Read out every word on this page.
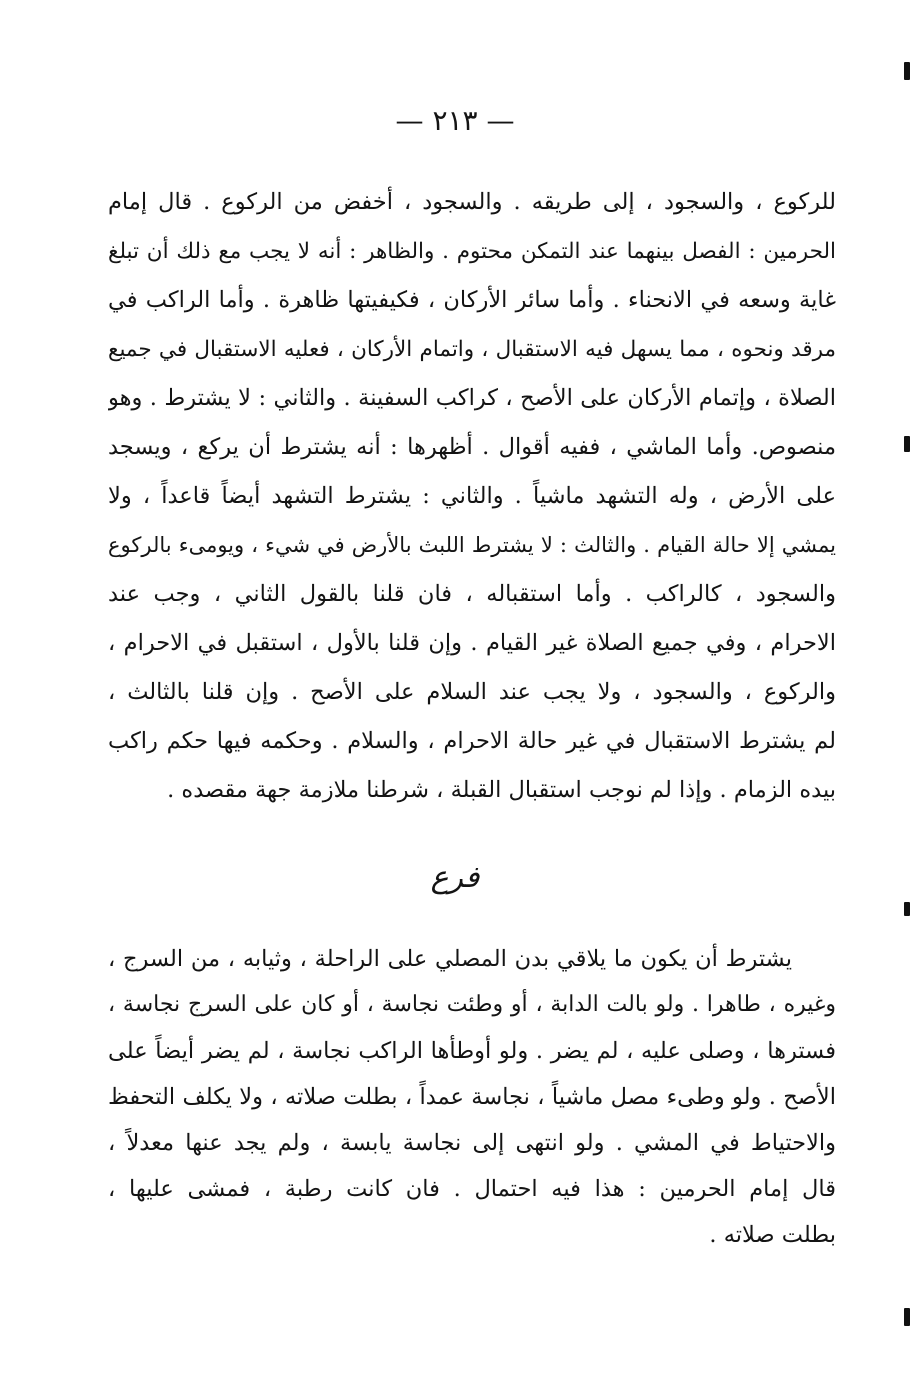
— ٢١٣ —
للركوع ، والسجود ، إلى طريقه . والسجود ، أخفض من الركوع . قال إمام
الحرمين : الفصل بينهما عند التمكن محتوم . والظاهر : أنه لا يجب مع ذلك أن تبلغ
غاية وسعه في الانحناء . وأما سائر الأركان ، فكيفيتها ظاهرة . وأما الراكب في
مرقد ونحوه ، مما يسهل فيه الاستقبال ، واتمام الأركان ، فعليه الاستقبال في جميع
الصلاة ، وإتمام الأركان على الأصح ، كراكب السفينة . والثاني : لا يشترط . وهو
منصوص. وأما الماشي ، ففيه أقوال . أظهرها : أنه يشترط أن يركع ، ويسجد
على الأرض ، وله التشهد ماشياً . والثاني : يشترط التشهد أيضاً قاعداً ، ولا
يمشي إلا حالة القيام . والثالث : لا يشترط اللبث بالأرض في شيء ، ويومىء بالركوع
والسجود ، كالراكب . وأما استقباله ، فان قلنا بالقول الثاني ، وجب عند
الاحرام ، وفي جميع الصلاة غير القيام . وإن قلنا بالأول ، استقبل في الاحرام ،
والركوع ، والسجود ، ولا يجب عند السلام على الأصح . وإن قلنا بالثالث ،
لم يشترط الاستقبال في غير حالة الاحرام ، والسلام . وحكمه فيها حكم راكب
بيده الزمام . وإذا لم نوجب استقبال القبلة ، شرطنا ملازمة جهة مقصده .
فرع
يشترط أن يكون ما يلاقي بدن المصلي على الراحلة ، وثيابه ، من السرج ،
وغيره ، طاهرا . ولو بالت الدابة ، أو وطئت نجاسة ، أو كان على السرج نجاسة ،
فسترها ، وصلى عليه ، لم يضر . ولو أوطأها الراكب نجاسة ، لم يضر أيضاً على
الأصح . ولو وطىء مصل ماشياً ، نجاسة عمداً ، بطلت صلاته ، ولا يكلف التحفظ
والاحتياط في المشي . ولو انتهى إلى نجاسة يابسة ، ولم يجد عنها معدلاً ،
قال إمام الحرمين : هذا فيه احتمال . فان كانت رطبة ، فمشى عليها ،
بطلت صلاته .
